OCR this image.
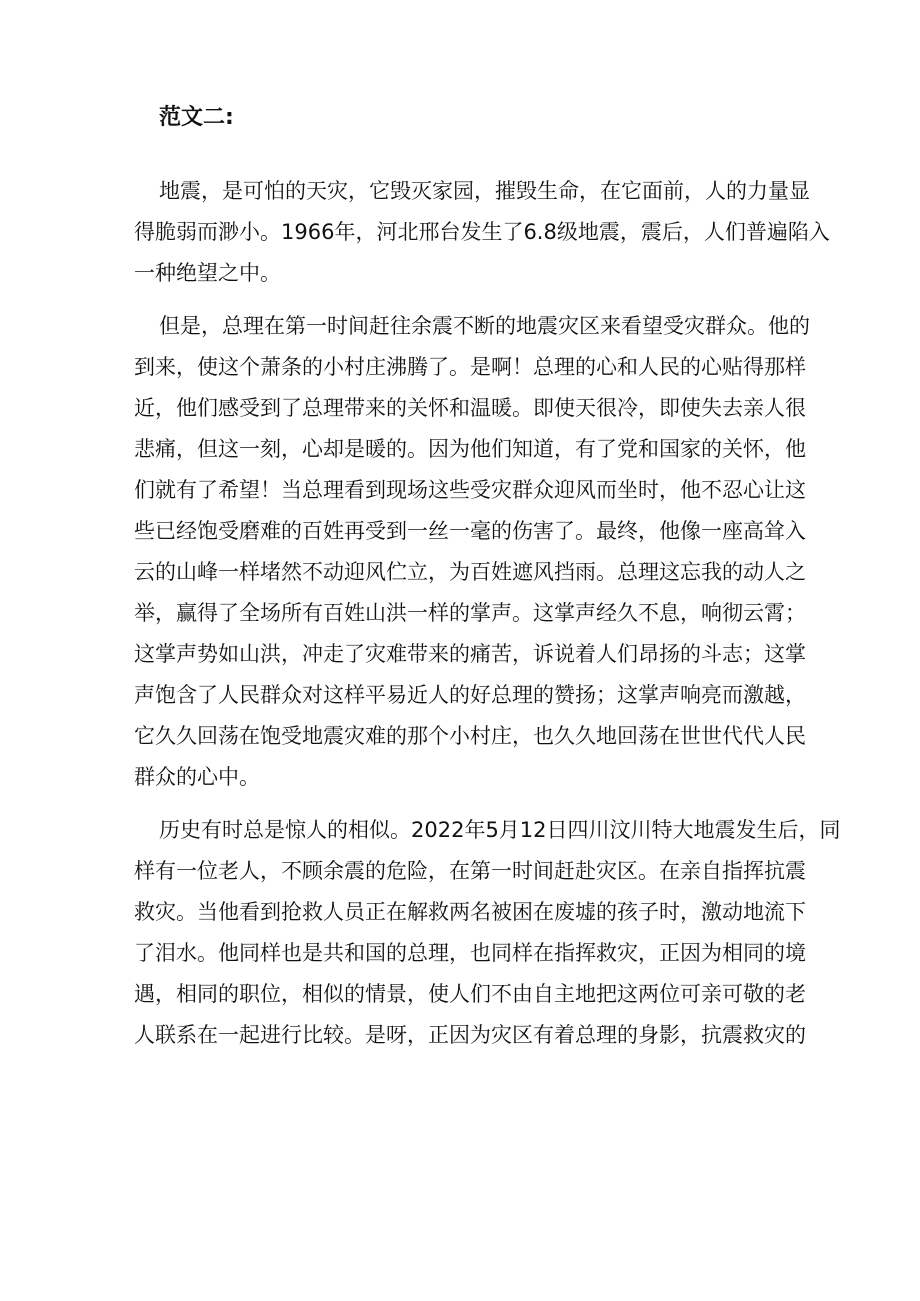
范文二:

地震，是可怕的天灾，它毁灭家园，摧毁生命，在它面前，人的力量显
得脆弱而渺小。1966年，河北邢台发生了6.8级地震，震后，人们普遍陷入
一种绝望之中。

但是，总理在第一时间赶往余震不断的地震灾区来看望受灾群众。他的
到来，使这个萧条的小村庄沸腾了。是啊！总理的心和人民的心贴得那样
近，他们感受到了总理带来的关怀和温暖。即使天很冷，即使失去亲人很
悲痛，但这一刻，心却是暖的。因为他们知道，有了党和国家的关怀，他
们就有了希望！当总理看到现场这些受灾群众迎风而坐时，他不忍心让这
些已经饱受磨难的百姓再受到一丝一毫的伤害了。最终，他像一座高耸入
云的山峰一样堵然不动迎风伫立，为百姓遮风挡雨。总理这忘我的动人之
举，赢得了全场所有百姓山洪一样的掌声。这掌声经久不息，响彻云霄；
这掌声势如山洪，冲走了灾难带来的痛苦，诉说着人们昂扬的斗志；这掌
声饱含了人民群众对这样平易近人的好总理的赞扬；这掌声响亮而激越，
它久久回荡在饱受地震灾难的那个小村庄，也久久地回荡在世世代代人民
群众的心中。

历史有时总是惊人的相似。2022年5月12日四川汶川特大地震发生后，同
样有一位老人，不顾余震的危险，在第一时间赶赴灾区。在亲自指挥抗震
救灾。当他看到抢救人员正在解救两名被困在废墟的孩子时，激动地流下
了泪水。他同样也是共和国的总理，也同样在指挥救灾，正因为相同的境
遇，相同的职位，相似的情景，使人们不由自主地把这两位可亲可敬的老
人联系在一起进行比较。是呀，正因为灾区有着总理的身影，抗震救灾的
